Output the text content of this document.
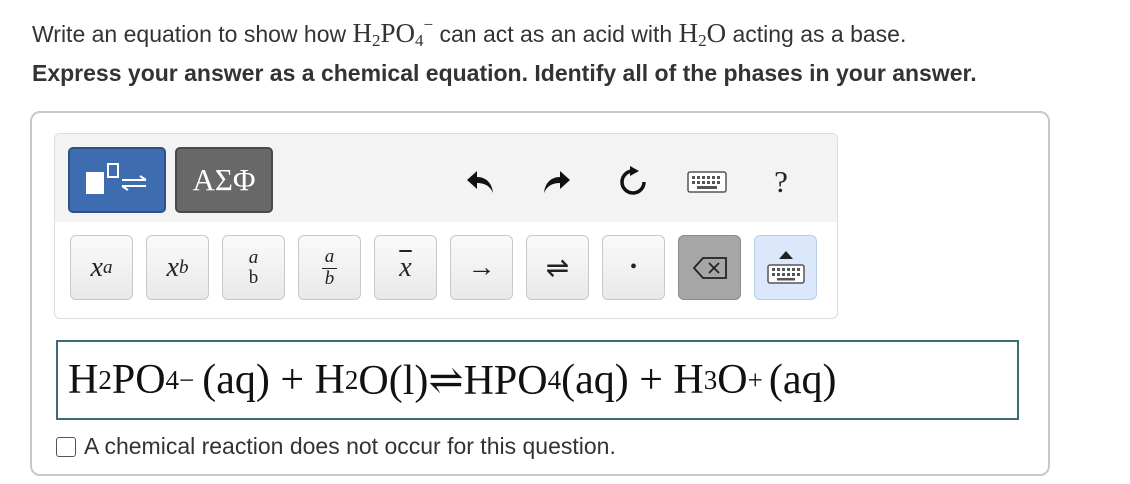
Write an equation to show how $H_2PO_4^-$ can act as an acid with $H_2O$ acting as a base.
Express your answer as a chemical equation. Identify all of the phases in your answer.
ΑΣΦ	?
x a x b	a
b	$\frac{a}{b} \overline{x}$	→	⇌	•
H 2 PO 4 − (aq) + H 2 O(l)⇌HPO 4 (aq) + H 3 O + (aq)
A chemical reaction does not occur for this question.
